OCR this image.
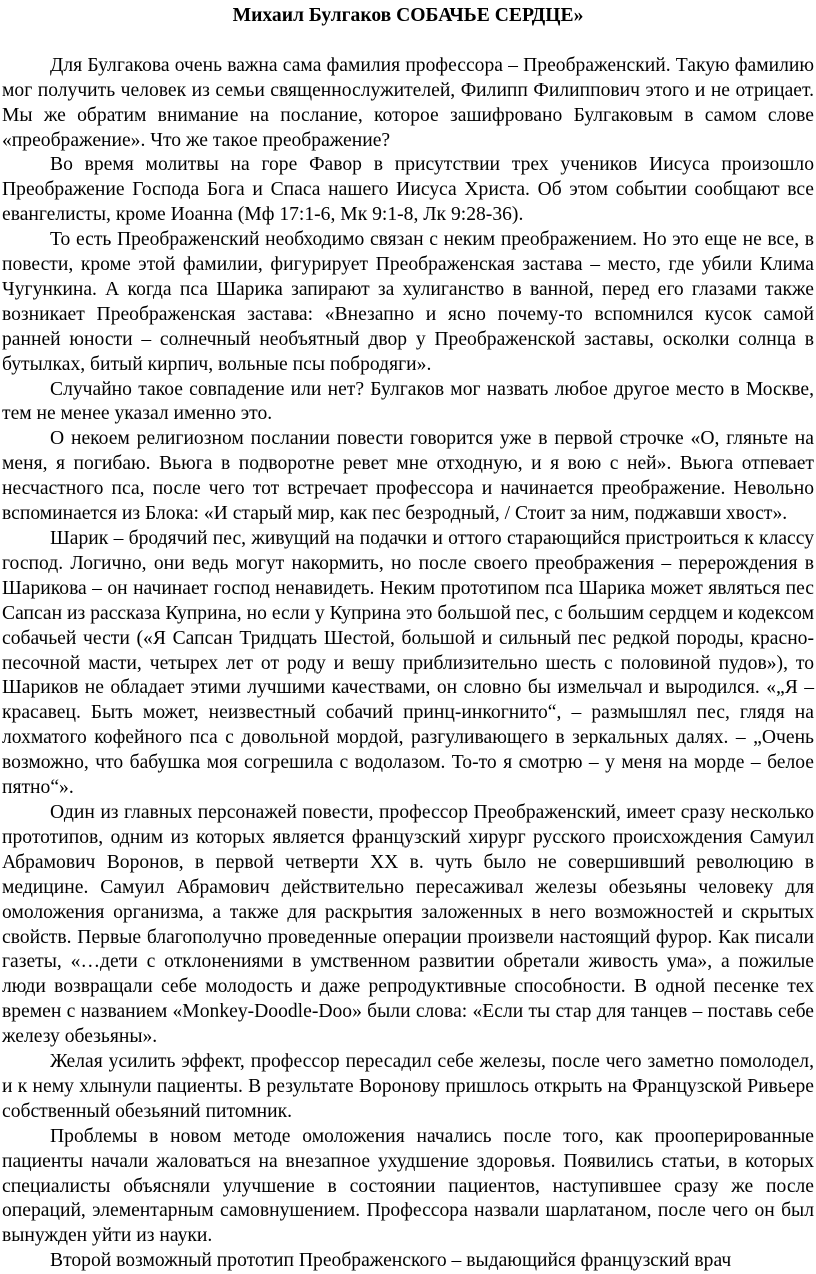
Михаил Булгаков СОБАЧЬЕ СЕРДЦЕ»

Для Булгакова очень важна сама фамилия профессора – Преображенский. Такую фамилию мог получить человек из семьи священнослужителей, Филипп Филиппович этого и не отрицает. Мы же обратим внимание на послание, которое зашифровано Булгаковым в самом слове «преображение». Что же такое преображение?

Во время молитвы на горе Фавор в присутствии трех учеников Иисуса произошло Преображение Господа Бога и Спаса нашего Иисуса Христа. Об этом событии сообщают все евангелисты, кроме Иоанна (Мф 17:1-6, Мк 9:1-8, Лк 9:28-36).

То есть Преображенский необходимо связан с неким преображением. Но это еще не все, в повести, кроме этой фамилии, фигурирует Преображенская застава – место, где убили Клима Чугункина. А когда пса Шарика запирают за хулиганство в ванной, перед его глазами также возникает Преображенская застава: «Внезапно и ясно почему-то вспомнился кусок самой ранней юности – солнечный необъятный двор у Преображенской заставы, осколки солнца в бутылках, битый кирпич, вольные псы побродяги».

Случайно такое совпадение или нет? Булгаков мог назвать любое другое место в Москве, тем не менее указал именно это.

О некоем религиозном послании повести говорится уже в первой строчке «О, гляньте на меня, я погибаю. Вьюга в подворотне ревет мне отходную, и я вою с ней». Вьюга отпевает несчастного пса, после чего тот встречает профессора и начинается преображение. Невольно вспоминается из Блока: «И старый мир, как пес безродный, / Стоит за ним, поджавши хвост».

Шарик – бродячий пес, живущий на подачки и оттого старающийся пристроиться к классу господ. Логично, они ведь могут накормить, но после своего преображения – перерождения в Шарикова – он начинает господ ненавидеть. Неким прототипом пса Шарика может являться пес Сапсан из рассказа Куприна, но если у Куприна это большой пес, с большим сердцем и кодексом собачьей чести («Я Сапсан Тридцать Шестой, большой и сильный пес редкой породы, красно-песочной масти, четырех лет от роду и вешу приблизительно шесть с половиной пудов»), то Шариков не обладает этими лучшими качествами, он словно бы измельчал и выродился. «„Я – красавец. Быть может, неизвестный собачий принц-инкогнито“, – размышлял пес, глядя на лохматого кофейного пса с довольной мордой, разгуливающего в зеркальных далях. – „Очень возможно, что бабушка моя согрешила с водолазом. То-то я смотрю – у меня на морде – белое пятно“».

Один из главных персонажей повести, профессор Преображенский, имеет сразу несколько прототипов, одним из которых является французский хирург русского происхождения Самуил Абрамович Воронов, в первой четверти XX в. чуть было не совершивший революцию в медицине. Самуил Абрамович действительно пересаживал железы обезьяны человеку для омоложения организма, а также для раскрытия заложенных в него возможностей и скрытых свойств. Первые благополучно проведенные операции произвели настоящий фурор. Как писали газеты, «…дети с отклонениями в умственном развитии обретали живость ума», а пожилые люди возвращали себе молодость и даже репродуктивные способности. В одной песенке тех времен с названием «Monkey-Doodle-Doo» были слова: «Если ты стар для танцев – поставь себе железу обезьяны».

Желая усилить эффект, профессор пересадил себе железы, после чего заметно помолодел, и к нему хлынули пациенты. В результате Воронову пришлось открыть на Французской Ривьере собственный обезьяний питомник.

Проблемы в новом методе омоложения начались после того, как прооперированные пациенты начали жаловаться на внезапное ухудшение здоровья. Появились статьи, в которых специалисты объясняли улучшение в состоянии пациентов, наступившее сразу же после операций, элементарным самовнушением. Профессора назвали шарлатаном, после чего он был вынужден уйти из науки.

Второй возможный прототип Преображенского – выдающийся французский врач
